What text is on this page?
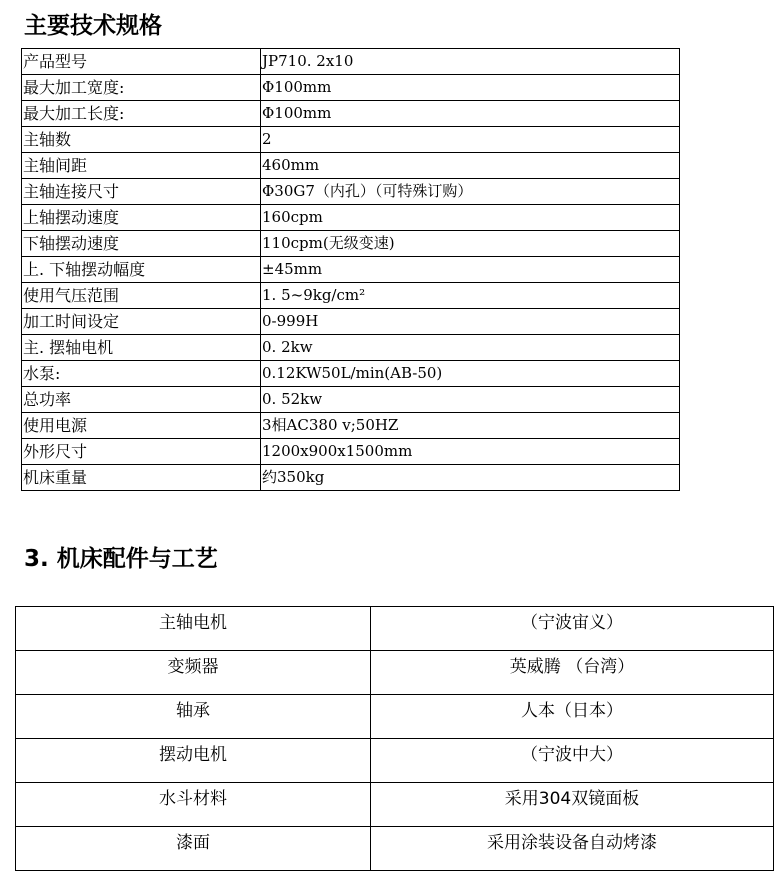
主要技术规格
产品型号	JP710. 2x10
最大加工宽度:	Φ100mm
最大加工长度:	Φ100mm
主轴数	2
主轴间距	460mm
主轴连接尺寸	Φ30G7（内孔）（可特殊订购）
上轴摆动速度	160cpm
下轴摆动速度	110cpm(无级变速)
上. 下轴摆动幅度	±45mm
使用气压范围	1. 5~9kg/cm²
加工时间设定	0-999H
主. 摆轴电机	0. 2kw
水泵:	0.12KW50L/min(AB-50)
总功率	0. 52kw
使用电源	3相AC380 v;50HZ
外形尺寸	1200x900x1500mm
机床重量	约350kg
3. 机床配件与工艺
主轴电机	（宁波宙义）
变频器	英威腾 （台湾）
轴承	人本（日本）
摆动电机	（宁波中大）
水斗材料	采用304双镜面板
漆面	采用涂装设备自动烤漆
